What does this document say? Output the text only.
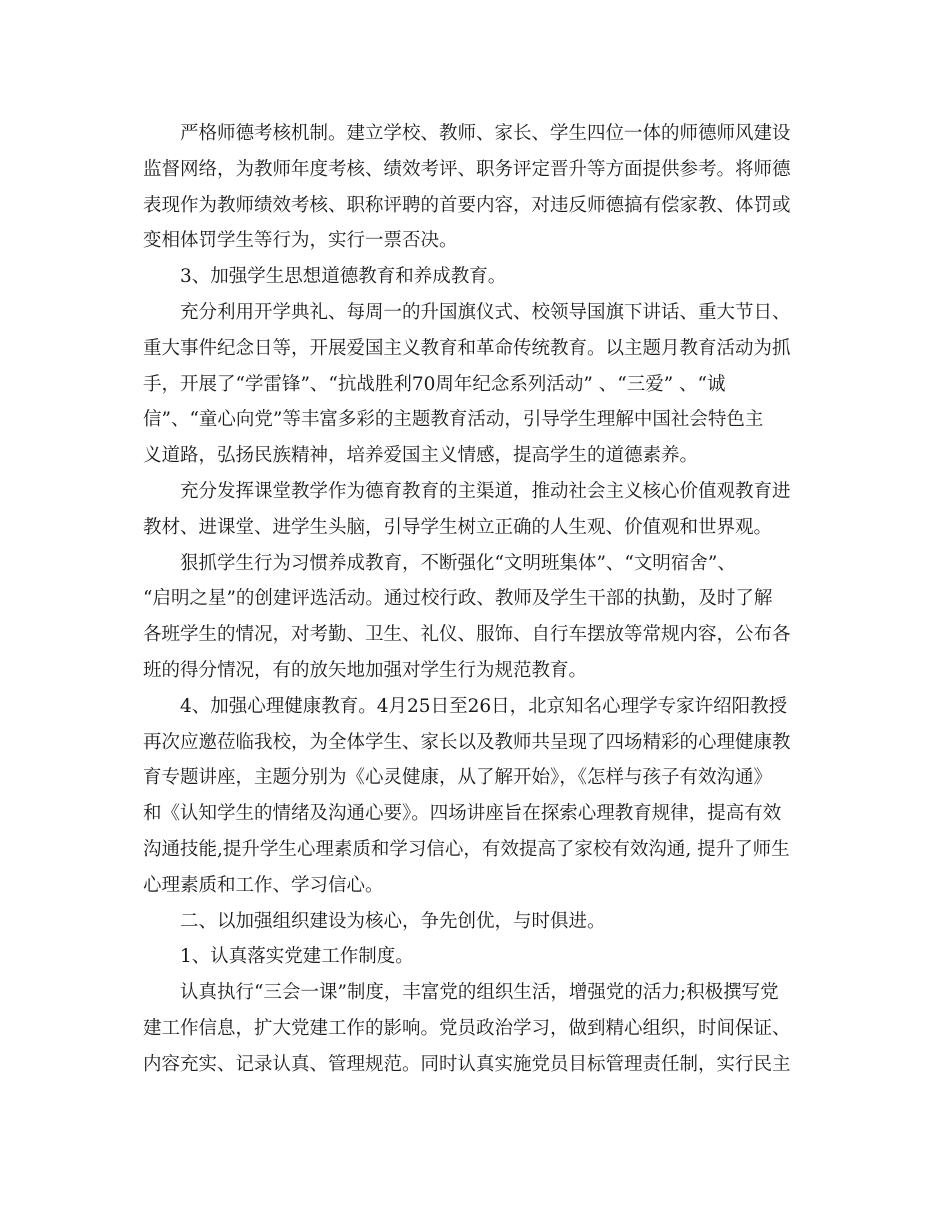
严格师德考核机制。建立学校、教师、家长、学生四位一体的师德师风建设
监督网络，为教师年度考核、绩效考评、职务评定晋升等方面提供参考。将师德
表现作为教师绩效考核、职称评聘的首要内容，对违反师德搞有偿家教、体罚或
变相体罚学生等行为，实行一票否决。
3、加强学生思想道德教育和养成教育。
充分利用开学典礼、每周一的升国旗仪式、校领导国旗下讲话、重大节日、
重大事件纪念日等，开展爱国主义教育和革命传统教育。以主题月教育活动为抓
手，开展了“学雷锋”、“抗战胜利70周年纪念系列活动” 、“三爱” 、“诚
信”、“童心向党”等丰富多彩的主题教育活动，引导学生理解中国社会特色主
义道路，弘扬民族精神，培养爱国主义情感，提高学生的道德素养。
充分发挥课堂教学作为德育教育的主渠道，推动社会主义核心价值观教育进
教材、进课堂、进学生头脑，引导学生树立正确的人生观、价值观和世界观。
狠抓学生行为习惯养成教育，不断强化“文明班集体”、“文明宿舍”、
“启明之星”的创建评选活动。通过校行政、教师及学生干部的执勤，及时了解
各班学生的情况，对考勤、卫生、礼仪、服饰、自行车摆放等常规内容，公布各
班的得分情况，有的放矢地加强对学生行为规范教育。
4、加强心理健康教育。4月25日至26日，北京知名心理学专家许绍阳教授
再次应邀莅临我校，为全体学生、家长以及教师共呈现了四场精彩的心理健康教
育专题讲座，主题分别为《心灵健康，从了解开始》，《怎样与孩子有效沟通》
和《认知学生的情绪及沟通心要》。四场讲座旨在探索心理教育规律，提高有效
沟通技能,提升学生心理素质和学习信心，有效提高了家校有效沟通, 提升了师生
心理素质和工作、学习信心。
二、以加强组织建设为核心，争先创优，与时俱进。
1、认真落实党建工作制度。
认真执行“三会一课”制度，丰富党的组织生活，增强党的活力;积极撰写党
建工作信息，扩大党建工作的影响。党员政治学习，做到精心组织，时间保证、
内容充实、记录认真、管理规范。同时认真实施党员目标管理责任制，实行民主
